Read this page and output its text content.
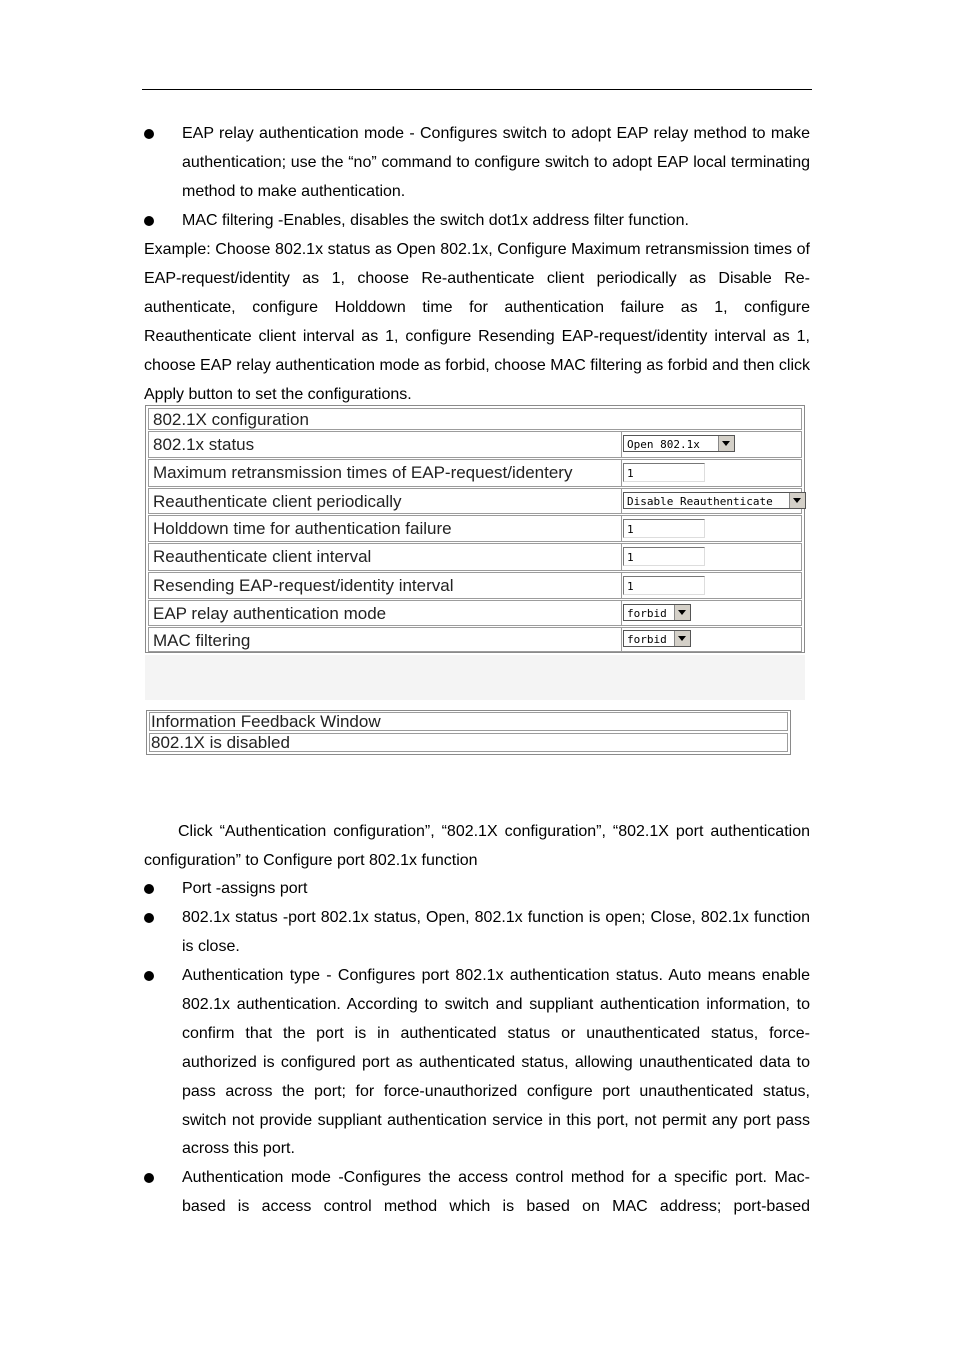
EAP relay authentication mode - Configures switch to adopt EAP relay method to make authentication; use the “no” command to configure switch to adopt EAP local terminating method to make authentication.
MAC filtering -Enables, disables the switch dot1x address filter function.
Example: Choose 802.1x status as Open 802.1x, Configure Maximum retransmission times of EAP-request/identity as 1, choose Re-authenticate client periodically as Disable Re-authenticate, configure Holddown time for authentication failure as 1, configure Reauthenticate client interval as 1, configure Resending EAP-request/identity interval as 1, choose EAP relay authentication mode as forbid, choose MAC filtering as forbid and then click Apply button to set the configurations.
802.1X configuration
802.1x status	Open 802.1x
Maximum retransmission times of EAP-request/identery	1
Reauthenticate client periodically	Disable Reauthenticate
Holddown time for authentication failure	1
Reauthenticate client interval	1
Resending EAP-request/identity interval	1
EAP relay authentication mode	forbid
MAC filtering	forbid
Information Feedback Window
802.1X is disabled
Click “Authentication configuration”, “802.1X configuration”, “802.1X port authentication configuration” to Configure port 802.1x function
Port -assigns port
802.1x status -port 802.1x status, Open, 802.1x function is open; Close, 802.1x function is close.
Authentication type - Configures port 802.1x authentication status. Auto means enable 802.1x authentication. According to switch and suppliant authentication information, to confirm that the port is in authenticated status or unauthenticated status, force-authorized is configured port as authenticated status, allowing unauthenticated data to pass across the port; for force-unauthorized configure port unauthenticated status, switch not provide suppliant authentication service in this port, not permit any port pass across this port.
Authentication mode -Configures the access control method for a specific port. Mac-based is access control method which is based on MAC address; port-based
